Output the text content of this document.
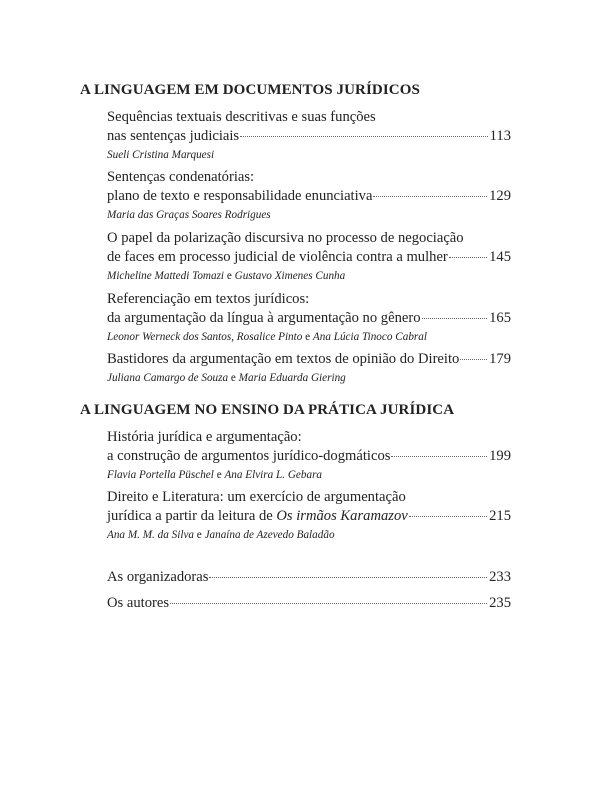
A LINGUAGEM EM DOCUMENTOS JURÍDICOS
Sequências textuais descritivas e suas funções
nas sentenças judiciais	113
Sueli Cristina Marquesi
Sentenças condenatórias:
plano de texto e responsabilidade enunciativa	129
Maria das Graças Soares Rodrigues
O papel da polarização discursiva no processo de negociação
de faces em processo judicial de violência contra a mulher	145
Micheline Mattedi Tomazi e Gustavo Ximenes Cunha
Referenciação em textos jurídicos:
da argumentação da língua à argumentação no gênero	165
Leonor Werneck dos Santos, Rosalice Pinto e Ana Lúcia Tinoco Cabral
Bastidores da argumentação em textos de opinião do Direito 179
Juliana Camargo de Souza e Maria Eduarda Giering
A LINGUAGEM NO ENSINO DA PRÁTICA JURÍDICA
História jurídica e argumentação:
a construção de argumentos jurídico-dogmáticos	199
Flavia Portella Püschel e Ana Elvira L. Gebara
Direito e Literatura: um exercício de argumentação
jurídica a partir da leitura de Os irmãos Karamazov	215
Ana M. M. da Silva e Janaína de Azevedo Baladão
As organizadoras	233
Os autores	235
